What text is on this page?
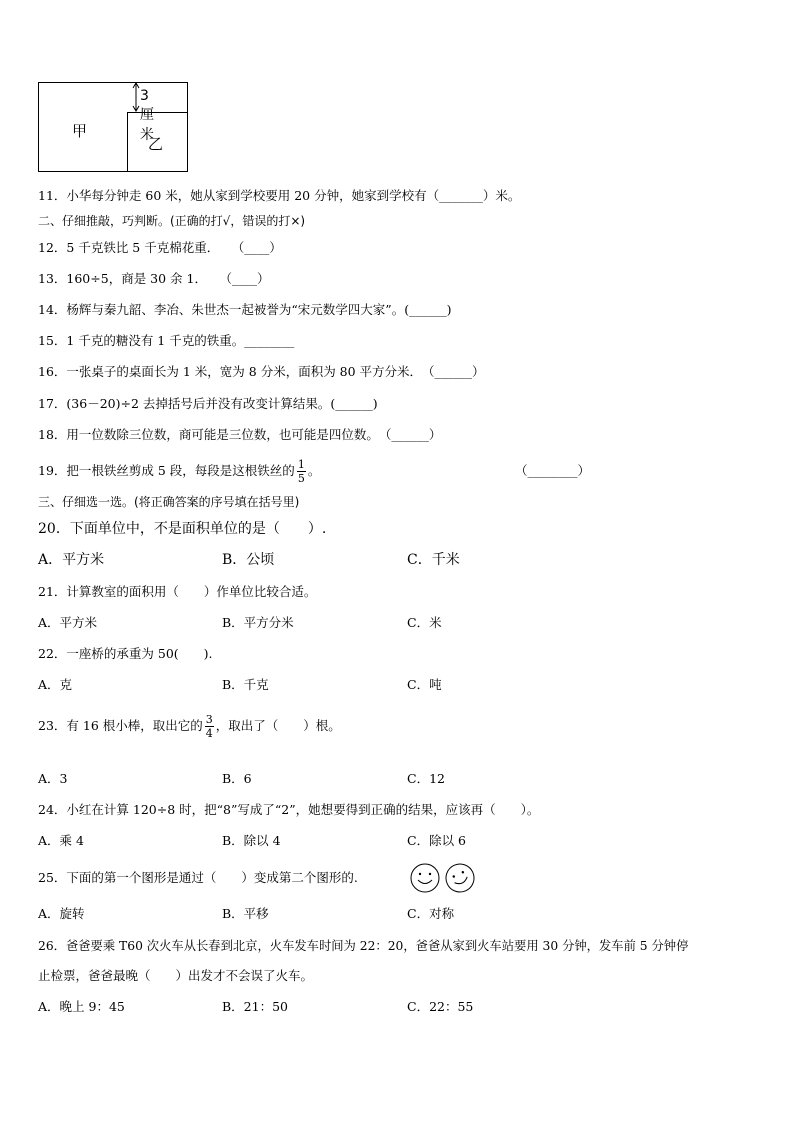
甲
乙
3厘米
11．小华每分钟走 60 米，她从家到学校要用 20 分钟，她家到学校有（_______）米。
二、仔细推敲，巧判断。(正确的打√，错误的打×)
12．5 千克铁比 5 千克棉花重．　　（____）
13．160÷5，商是 30 余 1．　　（____）
14．杨辉与秦九韶、李冶、朱世杰一起被誉为“宋元数学四大家”。(______)
15．1 千克的糖没有 1 千克的铁重。________
16．一张桌子的桌面长为 1 米，宽为 8 分米，面积为 80 平方分米．　（______）
17．(36－20)÷2 去掉括号后并没有改变计算结果。(______)
18．用一位数除三位数，商可能是三位数，也可能是四位数。　（______）
19．把一根铁丝剪成 5 段，每段是这根铁丝的 $\frac{1}{5}$ 。	（________）
三、仔细选一选。(将正确答案的序号填在括号里)
20．下面单位中，不是面积单位的是（　　）.
A．平方米	B．公顷	C．千米
21．计算教室的面积用（　　）作单位比较合适。
A．平方米	B．平方分米	C．米
22．一座桥的承重为 50(　　).
A．克	B．千克	C．吨
23．有 16 根小棒，取出它的 $\frac{3}{4}$ ，取出了（　　）根。
A．3	B．6	C．12
24．小红在计算 120÷8 时，把“8”写成了“2”，她想要得到正确的结果，应该再（　　）。
A．乘 4	B．除以 4	C．除以 6
25．下面的第一个图形是通过（　　）变成第二个图形的.
A．旋转	B．平移	C．对称
26．爸爸要乘 T60 次火车从长春到北京，火车发车时间为 22：20，爸爸从家到火车站要用 30 分钟，发车前 5 分钟停
止检票，爸爸最晚（　　）出发才不会误了火车。
A．晚上 9：45	B．21：50	C．22：55
